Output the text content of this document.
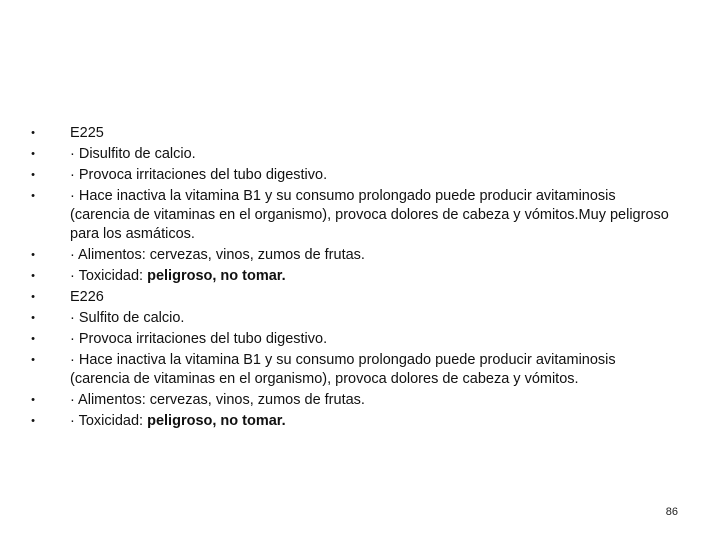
• E225
• · Disulfito de calcio.
• · Provoca irritaciones del tubo digestivo.
• · Hace inactiva la vitamina B1 y su consumo prolongado puede producir avitaminosis (carencia de vitaminas en el organismo), provoca dolores de cabeza y vómitos.Muy peligroso para los asmáticos.
• · Alimentos: cervezas, vinos, zumos de frutas.
• · Toxicidad: peligroso, no tomar.
• E226
• · Sulfito de calcio.
• · Provoca irritaciones del tubo digestivo.
• · Hace inactiva la vitamina B1 y su consumo prolongado puede producir avitaminosis (carencia de vitaminas en el organismo), provoca dolores de cabeza y vómitos.
• · Alimentos: cervezas, vinos, zumos de frutas.
• · Toxicidad: peligroso, no tomar.
86
